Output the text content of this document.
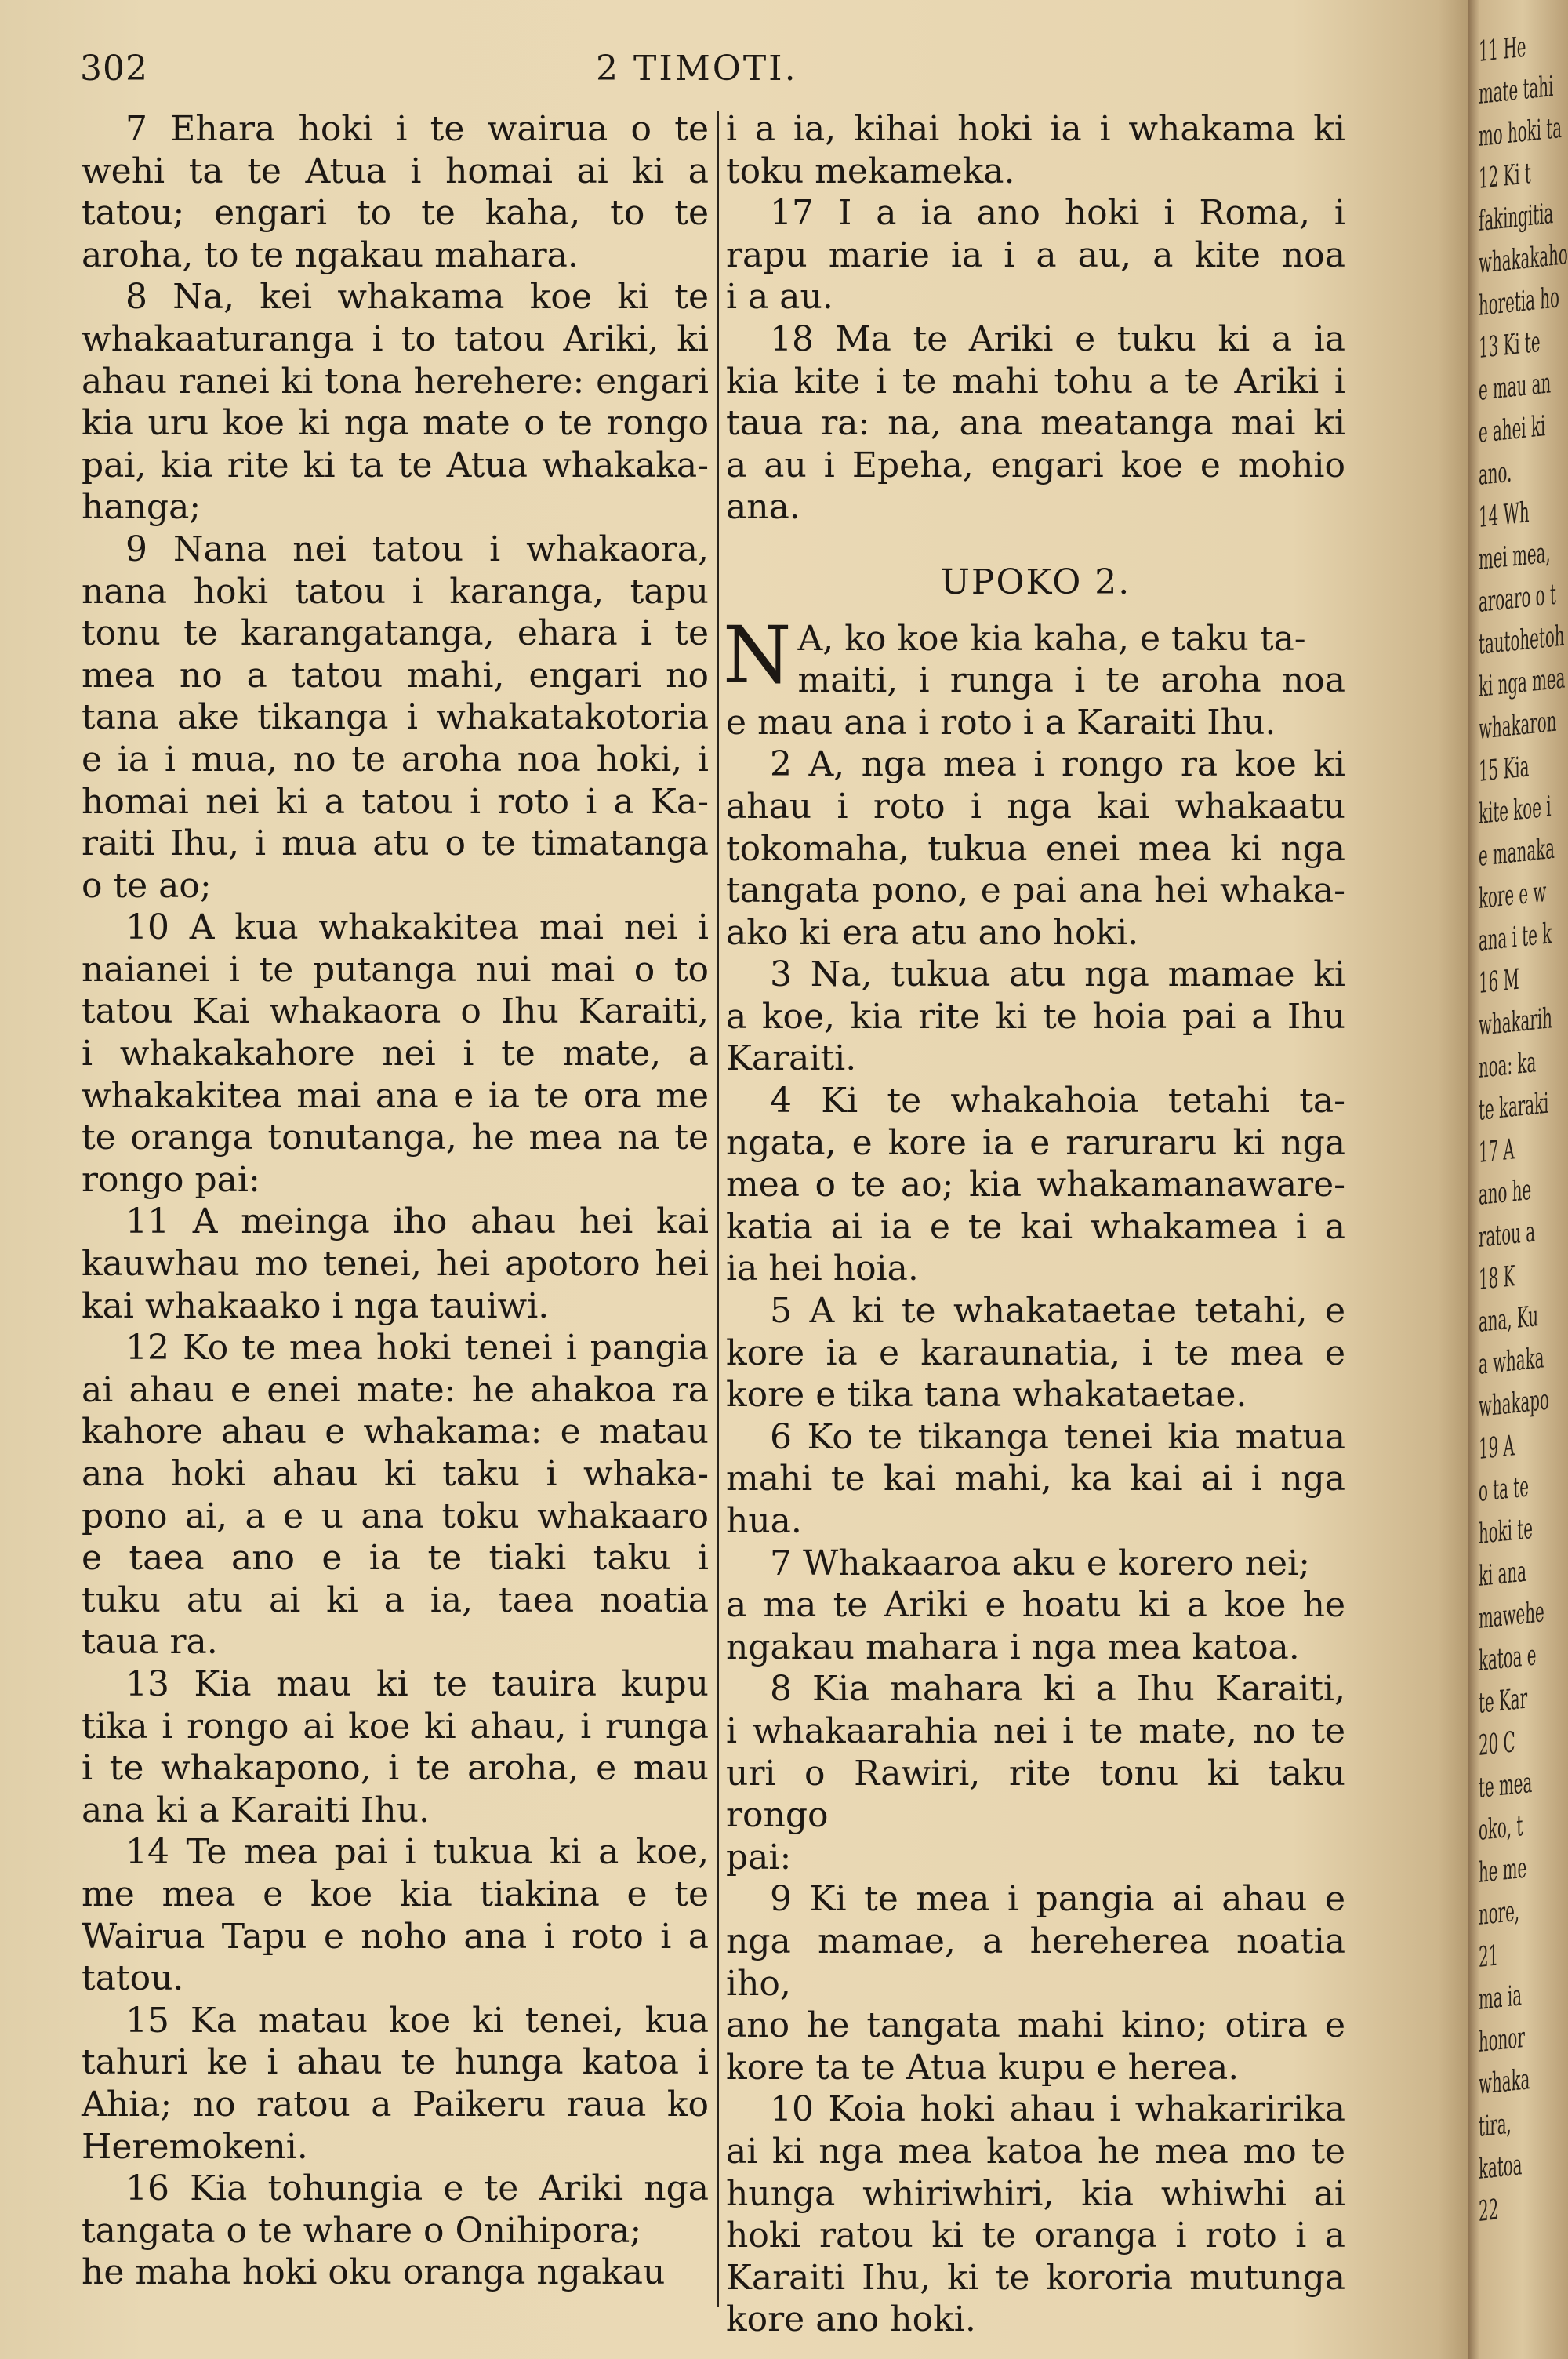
302	2 TIMOTI.
7 Ehara hoki i te wairua o te
wehi ta te Atua i homai ai ki a
tatou; engari to te kaha, to te
aroha, to te ngakau mahara.
8 Na, kei whakama koe ki te
whakaaturanga i to tatou Ariki, ki
ahau ranei ki tona herehere: engari
kia uru koe ki nga mate o te rongo
pai, kia rite ki ta te Atua whakaka-
hanga;
9 Nana nei tatou i whakaora,
nana hoki tatou i karanga, tapu
tonu te karangatanga, ehara i te
mea no a tatou mahi, engari no
tana ake tikanga i whakatakotoria
e ia i mua, no te aroha noa hoki, i
homai nei ki a tatou i roto i a Ka-
raiti Ihu, i mua atu o te timatanga
o te ao;
10 A kua whakakitea mai nei i
naianei i te putanga nui mai o to
tatou Kai whakaora o Ihu Karaiti,
i whakakahore nei i te mate, a
whakakitea mai ana e ia te ora me
te oranga tonutanga, he mea na te
rongo pai:
11 A meinga iho ahau hei kai
kauwhau mo tenei, hei apotoro hei
kai whakaako i nga tauiwi.
12 Ko te mea hoki tenei i pangia
ai ahau e enei mate: he ahakoa ra
kahore ahau e whakama: e matau
ana hoki ahau ki taku i whaka-
pono ai, a e u ana toku whakaaro
e taea ano e ia te tiaki taku i
tuku atu ai ki a ia, taea noatia
taua ra.
13 Kia mau ki te tauira kupu
tika i rongo ai koe ki ahau, i runga
i te whakapono, i te aroha, e mau
ana ki a Karaiti Ihu.
14 Te mea pai i tukua ki a koe,
me mea e koe kia tiakina e te
Wairua Tapu e noho ana i roto i a
tatou.
15 Ka matau koe ki tenei, kua
tahuri ke i ahau te hunga katoa i
Ahia; no ratou a Paikeru raua ko
Heremokeni.
16 Kia tohungia e te Ariki nga
tangata o te whare o Onihipora;
he maha hoki oku oranga ngakau
i a ia, kihai hoki ia i whakama ki
toku mekameka.
17 I a ia ano hoki i Roma, i
rapu marie ia i a au, a kite noa
i a au.
18 Ma te Ariki e tuku ki a ia
kia kite i te mahi tohu a te Ariki i
taua ra: na, ana meatanga mai ki
a au i Epeha, engari koe e mohio
ana.
UPOKO 2.
N A, ko koe kia kaha, e taku ta-
maiti, i runga i te aroha noa
e mau ana i roto i a Karaiti Ihu.
2 A, nga mea i rongo ra koe ki
ahau i roto i nga kai whakaatu
tokomaha, tukua enei mea ki nga
tangata pono, e pai ana hei whaka-
ako ki era atu ano hoki.
3 Na, tukua atu nga mamae ki
a koe, kia rite ki te hoia pai a Ihu
Karaiti.
4 Ki te whakahoia tetahi ta-
ngata, e kore ia e raruraru ki nga
mea o te ao; kia whakamanaware-
katia ai ia e te kai whakamea i a
ia hei hoia.
5 A ki te whakataetae tetahi, e
kore ia e karaunatia, i te mea e
kore e tika tana whakataetae.
6 Ko te tikanga tenei kia matua
mahi te kai mahi, ka kai ai i nga
hua.
7 Whakaaroa aku e korero nei;
a ma te Ariki e hoatu ki a koe he
ngakau mahara i nga mea katoa.
8 Kia mahara ki a Ihu Karaiti,
i whakaarahia nei i te mate, no te
uri o Rawiri, rite tonu ki taku rongo
pai:
9 Ki te mea i pangia ai ahau e
nga mamae, a hereherea noatia iho,
ano he tangata mahi kino; otira e
kore ta te Atua kupu e herea.
10 Koia hoki ahau i whakaririka
ai ki nga mea katoa he mea mo te
hunga whiriwhiri, kia whiwhi ai
hoki ratou ki te oranga i roto i a
Karaiti Ihu, ki te kororia mutunga
kore ano hoki.
11 He
mate tahi
mo hoki ta
12 Ki t
fakingitia
whakakaho
horetia ho
13 Ki te
e mau an
e ahei ki
ano.
14 Wh
mei mea,
aroaro o t
tautohetoh
ki nga mea
whakaron
15 Kia
kite koe i
e manaka
kore e w
ana i te k
16 M
whakarih
noa: ka
te karaki
17 A
ano he
ratou a
18 K
ana, Ku
a whaka
whakapo
19 A
o ta te
hoki te
ki ana
mawehe
katoa e
te Kar
20 C
te mea
oko, t
he me
nore,
21
ma ia
honor
whaka
tira,
katoa
22
